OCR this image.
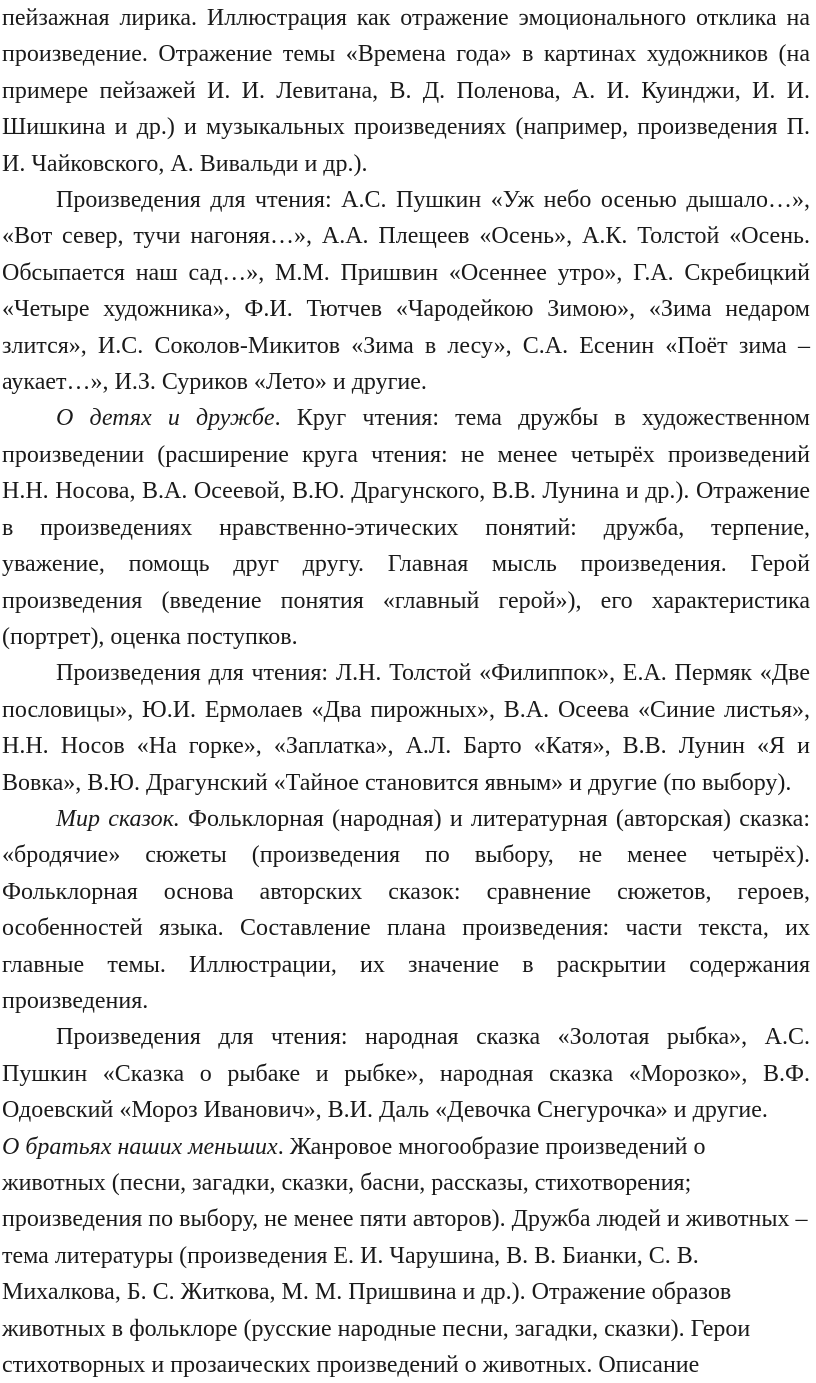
пейзажная лирика. Иллюстрация как отражение эмоционального отклика на произведение. Отражение темы «Времена года» в картинах художников (на примере пейзажей И. И. Левитана, В. Д. Поленова, А. И. Куинджи, И. И. Шишкина и др.) и музыкальных произведениях (например, произведения П. И. Чайковского, А. Вивальди и др.).

Произведения для чтения: А.С. Пушкин «Уж небо осенью дышало…», «Вот север, тучи нагоняя…», А.А. Плещеев «Осень», А.К. Толстой «Осень. Обсыпается наш сад…», М.М. Пришвин «Осеннее утро», Г.А. Скребицкий «Четыре художника», Ф.И. Тютчев «Чародейкою Зимою», «Зима недаром злится», И.С. Соколов-Микитов «Зима в лесу», С.А. Есенин «Поёт зима – аукает…», И.З. Суриков «Лето» и другие.

О детях и дружбе. Круг чтения: тема дружбы в художественном произведении (расширение круга чтения: не менее четырёх произведений Н.Н. Носова, В.А. Осеевой, В.Ю. Драгунского, В.В. Лунина и др.). Отражение в произведениях нравственно-этических понятий: дружба, терпение, уважение, помощь друг другу. Главная мысль произведения. Герой произведения (введение понятия «главный герой»), его характеристика (портрет), оценка поступков.

Произведения для чтения: Л.Н. Толстой «Филиппок», Е.А. Пермяк «Две пословицы», Ю.И. Ермолаев «Два пирожных», В.А. Осеева «Синие листья», Н.Н. Носов «На горке», «Заплатка», А.Л. Барто «Катя», В.В. Лунин «Я и Вовка», В.Ю. Драгунский «Тайное становится явным» и другие (по выбору).

Мир сказок. Фольклорная (народная) и литературная (авторская) сказка: «бродячие» сюжеты (произведения по выбору, не менее четырёх). Фольклорная основа авторских сказок: сравнение сюжетов, героев, особенностей языка. Составление плана произведения: части текста, их главные темы. Иллюстрации, их значение в раскрытии содержания произведения.

Произведения для чтения: народная сказка «Золотая рыбка», А.С. Пушкин «Сказка о рыбаке и рыбке», народная сказка «Морозко», В.Ф. Одоевский «Мороз Иванович», В.И. Даль «Девочка Снегурочка» и другие.

О братьях наших меньших. Жанровое многообразие произведений о животных (песни, загадки, сказки, басни, рассказы, стихотворения; произведения по выбору, не менее пяти авторов). Дружба людей и животных – тема литературы (произведения Е. И. Чарушина, В. В. Бианки, С. В. Михалкова, Б. С. Житкова, М. М. Пришвина и др.). Отражение образов животных в фольклоре (русские народные песни, загадки, сказки). Герои стихотворных и прозаических произведений о животных. Описание
